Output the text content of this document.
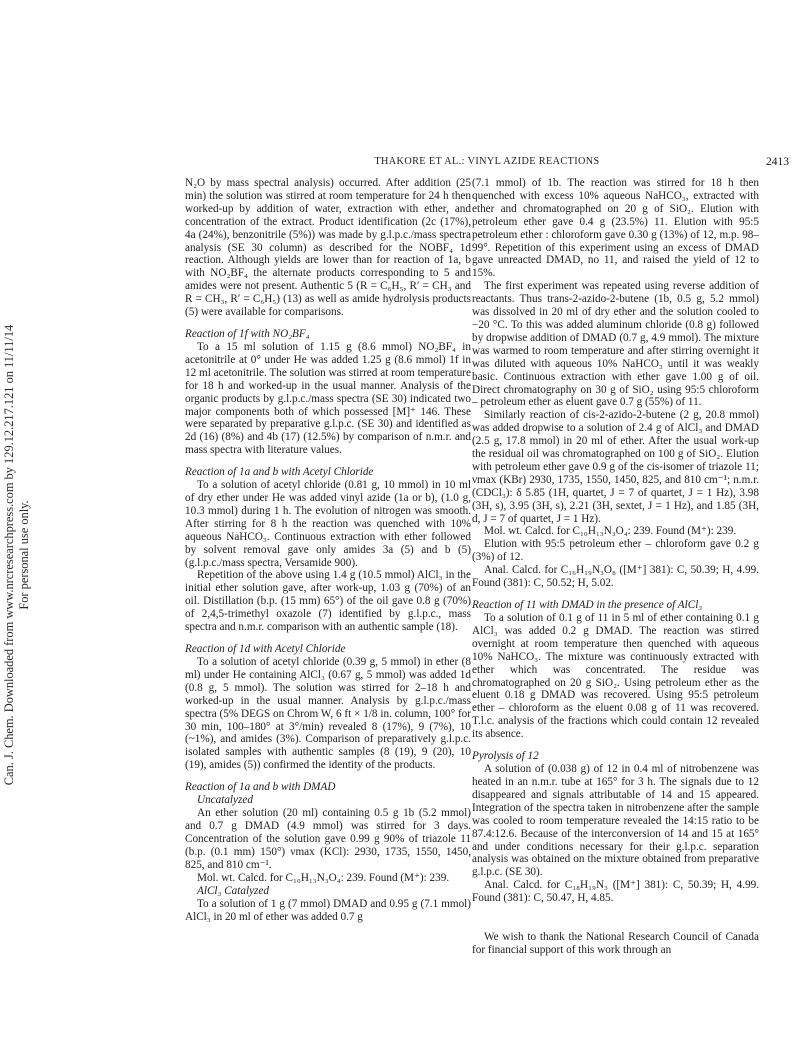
Can. J. Chem. Downloaded from www.nrcresearchpress.com by 129.12.217.121 on 11/11/14 For personal use only.
THAKORE ET AL.: VINYL AZIDE REACTIONS	2413

N₂O by mass spectral analysis) occurred. After addition (25 min) the solution was stirred at room temperature for 24 h then worked-up by addition of water, extraction with ether, and concentration of the extract. Product identification (2c (17%), 4a (24%), benzonitrile (5%)) was made by g.l.p.c./mass spectra analysis (SE 30 column) as described for the NOBF₄ 1d reaction. Although yields are lower than for reaction of 1a, b with NO₂BF₄ the alternate products corresponding to 5 and amides were not present. Authentic 5 (R = C₆H₅, R′ = CH₃ and R = CH₃, R′ = C₆H₅) (13) as well as amide hydrolysis products (5) were available for comparisons.

Reaction of 1f with NO₂BF₄

To a 15 ml solution of 1.15 g (8.6 mmol) NO₂BF₄ in acetonitrile at 0° under He was added 1.25 g (8.6 mmol) 1f in 12 ml acetonitrile. The solution was stirred at room temperature for 18 h and worked-up in the usual manner. Analysis of the organic products by g.l.p.c./mass spectra (SE 30) indicated two major components both of which possessed [M]⁺ 146. These were separated by preparative g.l.p.c. (SE 30) and identified as 2d (16) (8%) and 4b (17) (12.5%) by comparison of n.m.r. and mass spectra with literature values.

Reaction of 1a and b with Acetyl Chloride

To a solution of acetyl chloride (0.81 g, 10 mmol) in 10 ml of dry ether under He was added vinyl azide (1a or b), (1.0 g, 10.3 mmol) during 1 h. The evolution of nitrogen was smooth. After stirring for 8 h the reaction was quenched with 10% aqueous NaHCO₃. Continuous extraction with ether followed by solvent removal gave only amides 3a (5) and b (5) (g.l.p.c./mass spectra, Versamide 900).

Repetition of the above using 1.4 g (10.5 mmol) AlCl₃ in the initial ether solution gave, after work-up, 1.03 g (70%) of an oil. Distillation (b.p. (15 mm) 65°) of the oil gave 0.8 g (70%) of 2,4,5-trimethyl oxazole (7) identified by g.l.p.c., mass spectra and n.m.r. comparison with an authentic sample (18).

Reaction of 1d with Acetyl Chloride

To a solution of acetyl chloride (0.39 g, 5 mmol) in ether (8 ml) under He containing AlCl₃ (0.67 g, 5 mmol) was added 1d (0.8 g, 5 mmol). The solution was stirred for 2–18 h and worked-up in the usual manner. Analysis by g.l.p.c./mass spectra (5% DEGS on Chrom W, 6 ft × 1/8 in. column, 100° for 30 min, 100–180° at 3°/min) revealed 8 (17%), 9 (7%), 10 (~1%), and amides (3%). Comparison of preparatively g.l.p.c. isolated samples with authentic samples (8 (19), 9 (20), 10 (19), amides (5)) confirmed the identity of the products.

Reaction of 1a and b with DMAD
Uncatalyzed

An ether solution (20 ml) containing 0.5 g 1b (5.2 mmol) and 0.7 g DMAD (4.9 mmol) was stirred for 3 days. Concentration of the solution gave 0.99 g 90% of triazole 11 (b.p. (0.1 mm) 150°) νmax (KCl): 2930, 1735, 1550, 1450, 825, and 810 cm⁻¹.

Mol. wt. Calcd. for C₁₀H₁₃N₃O₄: 239. Found (M⁺): 239.

AlCl₃ Catalyzed

To a solution of 1 g (7 mmol) DMAD and 0.95 g (7.1 mmol) AlCl₃ in 20 ml of ether was added 0.7 g

(7.1 mmol) of 1b. The reaction was stirred for 18 h then quenched with excess 10% aqueous NaHCO₃, extracted with ether and chromatographed on 20 g of SiO₂. Elution with petroleum ether gave 0.4 g (23.5%) 11. Elution with 95:5 petroleum ether : chloroform gave 0.30 g (13%) of 12, m.p. 98–99°. Repetition of this experiment using an excess of DMAD gave unreacted DMAD, no 11, and raised the yield of 12 to 15%.

The first experiment was repeated using reverse addition of reactants. Thus trans-2-azido-2-butene (1b, 0.5 g, 5.2 mmol) was dissolved in 20 ml of dry ether and the solution cooled to −20 °C. To this was added aluminum chloride (0.8 g) followed by dropwise addition of DMAD (0.7 g, 4.9 mmol). The mixture was warmed to room temperature and after stirring overnight it was diluted with aqueous 10% NaHCO₃ until it was weakly basic. Continuous extraction with ether gave 1.00 g of oil. Direct chromatography on 30 g of SiO₂ using 95:5 chloroform – petroleum ether as eluent gave 0.7 g (55%) of 11.

Similarly reaction of cis-2-azido-2-butene (2 g, 20.8 mmol) was added dropwise to a solution of 2.4 g of AlCl₃ and DMAD (2.5 g, 17.8 mmol) in 20 ml of ether. After the usual work-up the residual oil was chromatographed on 100 g of SiO₂. Elution with petroleum ether gave 0.9 g of the cis-isomer of triazole 11; νmax (KBr) 2930, 1735, 1550, 1450, 825, and 810 cm⁻¹; n.m.r. (CDCl₃): δ 5.85 (1H, quartet, J = 7 of quartet, J = 1 Hz), 3.98 (3H, s), 3.95 (3H, s), 2.21 (3H, sextet, J = 1 Hz), and 1.85 (3H, d, J = 7 of quartet, J = 1 Hz).

Mol. wt. Calcd. for C₁₀H₁₃N₃O₄: 239. Found (M⁺): 239.

Elution with 95:5 petroleum ether – chloroform gave 0.2 g (3%) of 12.

Anal. Calcd. for C₁₆H₁₉N₃O₈ ([M⁺] 381): C, 50.39; H, 4.99. Found (381): C, 50.52; H, 5.02.

Reaction of 11 with DMAD in the presence of AlCl₃

To a solution of 0.1 g of 11 in 5 ml of ether containing 0.1 g AlCl₃ was added 0.2 g DMAD. The reaction was stirred overnight at room temperature then quenched with aqueous 10% NaHCO₃. The mixture was continuously extracted with ether which was concentrated. The residue was chromatographed on 20 g SiO₂. Using petroleum ether as the eluent 0.18 g DMAD was recovered. Using 95:5 petroleum ether – chloroform as the eluent 0.08 g of 11 was recovered. T.l.c. analysis of the fractions which could contain 12 revealed its absence.

Pyrolysis of 12

A solution of (0.038 g) of 12 in 0.4 ml of nitrobenzene was heated in an n.m.r. tube at 165° for 3 h. The signals due to 12 disappeared and signals attributable of 14 and 15 appeared. Integration of the spectra taken in nitrobenzene after the sample was cooled to room temperature revealed the 14:15 ratio to be 87.4:12.6. Because of the interconversion of 14 and 15 at 165° and under conditions necessary for their g.l.p.c. separation analysis was obtained on the mixture obtained from preparative g.l.p.c. (SE 30).

Anal. Calcd. for C₁₈H₁₉N₃ ([M⁺] 381): C, 50.39; H, 4.99. Found (381): C, 50.47, H, 4.85.

We wish to thank the National Research Council of Canada for financial support of this work through an
